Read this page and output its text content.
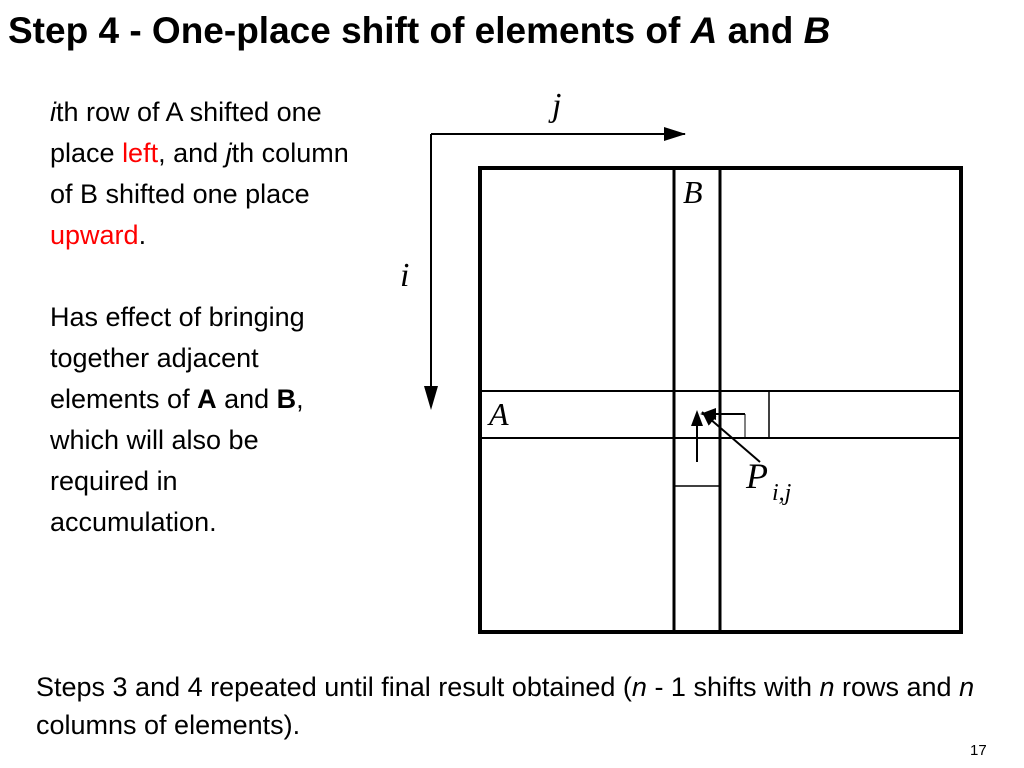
Step 4 - One-place shift of elements of A and B

ith row of A shifted one place left, and jth column of B shifted one place upward.

Has effect of bringing together adjacent elements of A and B, which will also be required in accumulation.

j
i
B
A
P i,j
Steps 3 and 4 repeated until final result obtained (n - 1 shifts with n rows and n columns of elements).
17
